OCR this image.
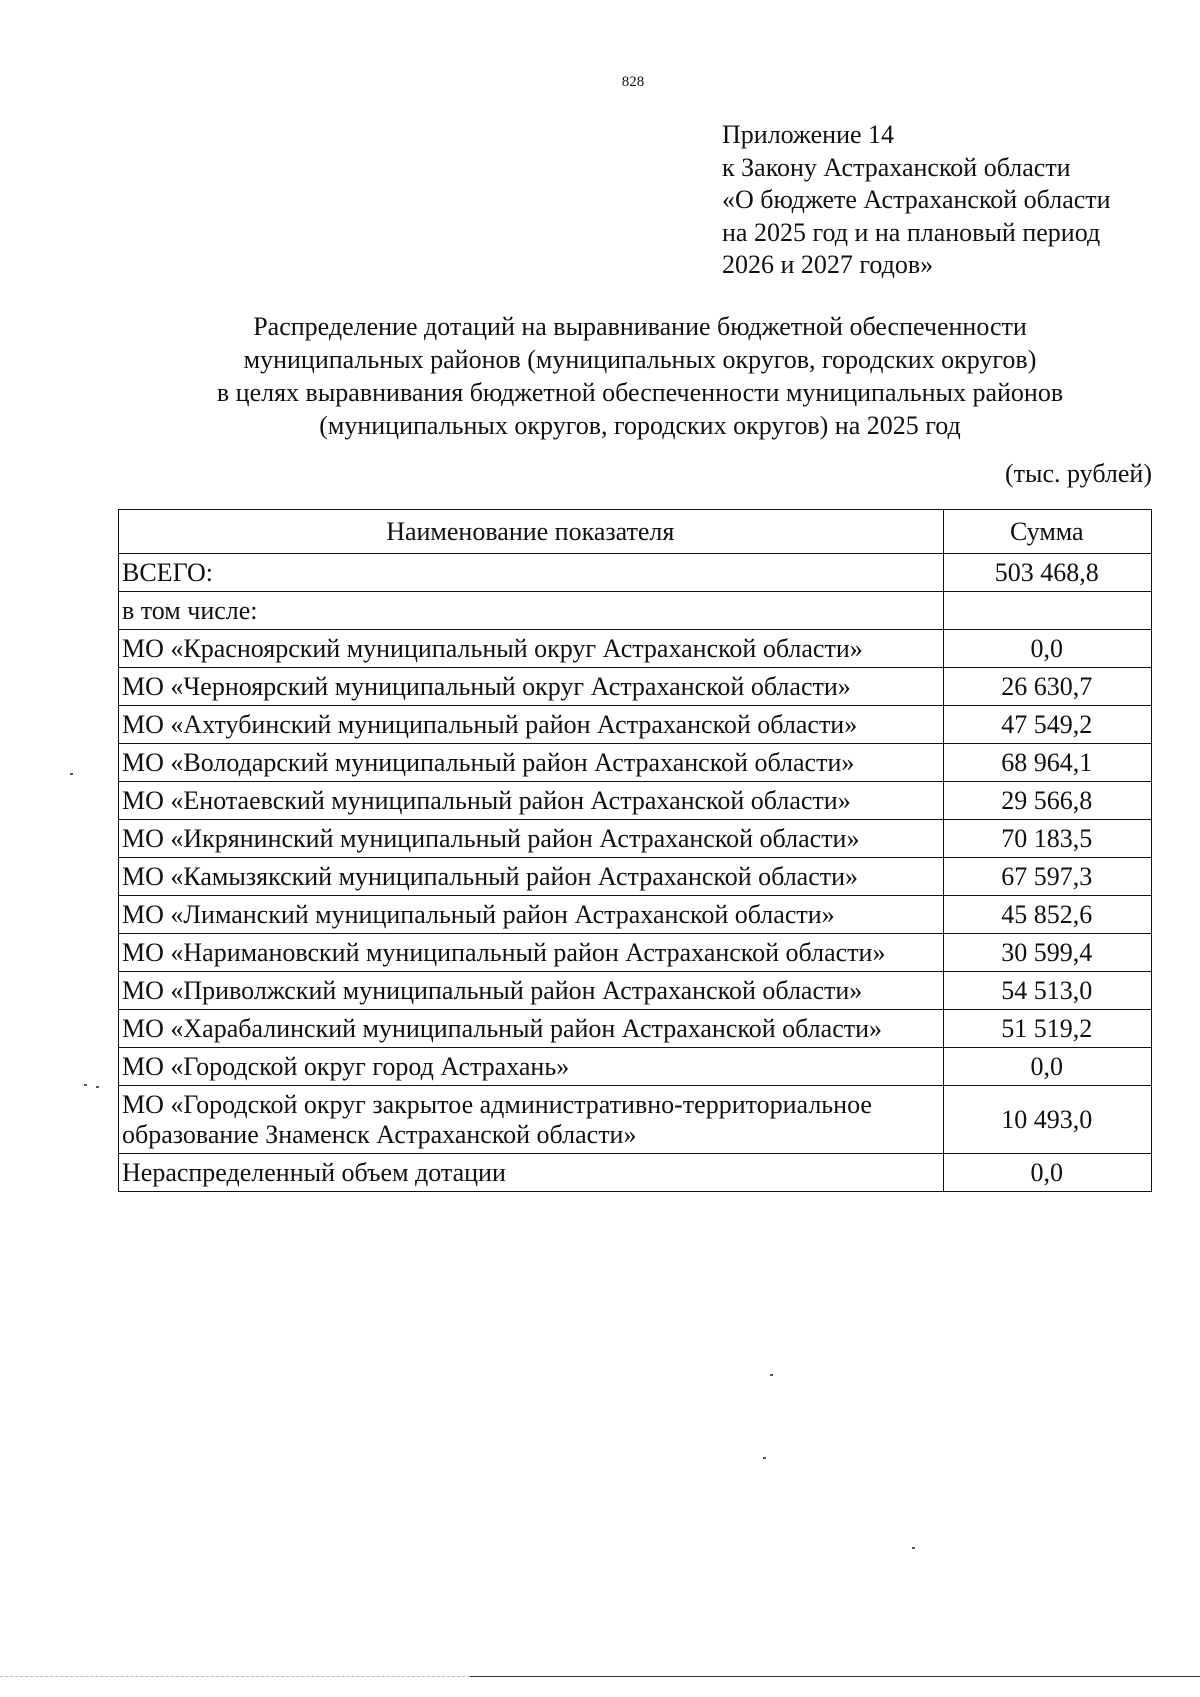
828
Приложение 14
к Закону Астраханской области
«О бюджете Астраханской области
на 2025 год и на плановый период
2026 и 2027 годов»
Распределение дотаций на выравнивание бюджетной обеспеченности
муниципальных районов (муниципальных округов, городских округов)
в целях выравнивания бюджетной обеспеченности муниципальных районов
(муниципальных округов, городских округов) на 2025 год
(тыс. рублей)
Наименование показателя	Сумма
ВСЕГО:	503 468,8
в том числе:	
МО «Красноярский муниципальный округ Астраханской области»	0,0
МО «Черноярский муниципальный округ Астраханской области»	26 630,7
МО «Ахтубинский муниципальный район Астраханской области»	47 549,2
МО «Володарский муниципальный район Астраханской области»	68 964,1
МО «Енотаевский муниципальный район Астраханской области»	29 566,8
МО «Икрянинский муниципальный район Астраханской области»	70 183,5
МО «Камызякский муниципальный район Астраханской области»	67 597,3
МО «Лиманский муниципальный район Астраханской области»	45 852,6
МО «Наримановский муниципальный район Астраханской области»	30 599,4
МО «Приволжский муниципальный район Астраханской области»	54 513,0
МО «Харабалинский муниципальный район Астраханской области»	51 519,2
МО «Городской округ город Астрахань»	0,0
МО «Городской округ закрытое административно-территориальное образование Знаменск Астраханской области»	10 493,0
Нераспределенный объем дотации	0,0
